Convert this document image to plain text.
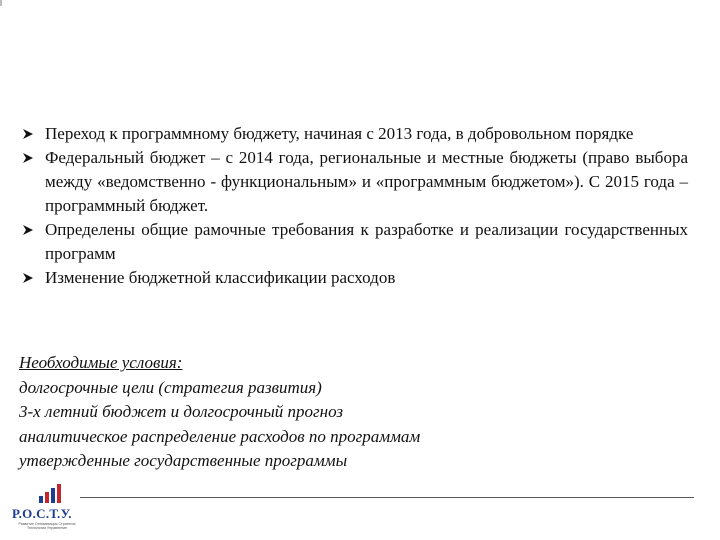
Переход к программному бюджету, начиная с 2013 года, в добровольном порядке
Федеральный бюджет – с 2014 года, региональные и местные бюджеты (право выбора между «ведомственно - функциональным» и «программным бюджетом»). С 2015 года – программный бюджет.
Определены общие рамочные требования к разработке и реализации государственных программ
Изменение бюджетной классификации расходов
Необходимые условия:
долгосрочные цели (стратегия развития)
3-х летний бюджет и долгосрочный прогноз
аналитическое распределение расходов по программам
утвержденные государственные программы
Р.О.С.Т.У.
Развитие Оптимизация Стратегия Технологии Управление
